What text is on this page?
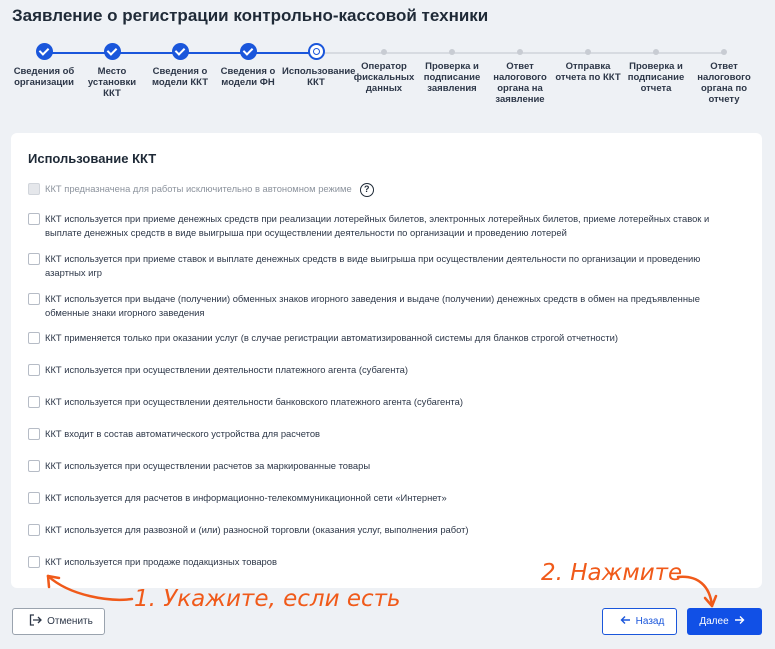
Заявление о регистрации контрольно-кассовой техники
Сведения об организации
Место установки ККТ
Сведения о модели ККТ
Сведения о модели ФН
Использование ККТ
Оператор фискальных данных
Проверка и подписание заявления
Ответ налогового органа на заявление
Отправка отчета по ККТ
Проверка и подписание отчета
Ответ налогового органа по отчету
Использование ККТ
ККТ предназначена для работы исключительно в автономном режиме ?
ККТ используется при приеме денежных средств при реализации лотерейных билетов, электронных лотерейных билетов, приеме лотерейных ставок и выплате денежных средств в виде выигрыша при осуществлении деятельности по организации и проведению лотерей
ККТ используется при приеме ставок и выплате денежных средств в виде выигрыша при осуществлении деятельности по организации и проведению азартных игр
ККТ используется при выдаче (получении) обменных знаков игорного заведения и выдаче (получении) денежных средств в обмен на предъявленные обменные знаки игорного заведения
ККТ применяется только при оказании услуг (в случае регистрации автоматизированной системы для бланков строгой отчетности)
ККТ используется при осуществлении деятельности платежного агента (субагента)
ККТ используется при осуществлении деятельности банковского платежного агента (субагента)
ККТ входит в состав автоматического устройства для расчетов
ККТ используется при осуществлении расчетов за маркированные товары
ККТ используется для расчетов в информационно-телекоммуникационной сети «Интернет»
ККТ используется для развозной и (или) разносной торговли (оказания услуг, выполнения работ)
ККТ используется при продаже подакцизных товаров
Отменить	Назад	Далее
1. Укажите, если есть
2. Нажмите
